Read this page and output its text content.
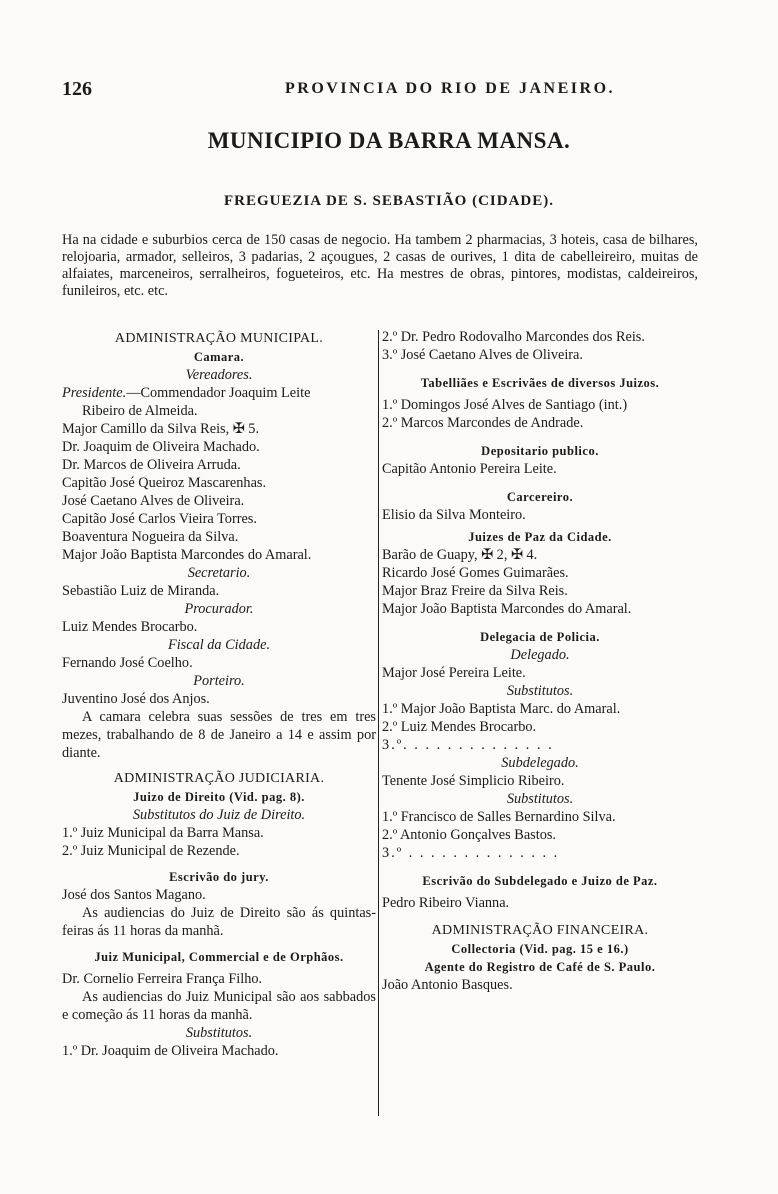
126	PROVINCIA DO RIO DE JANEIRO.
MUNICIPIO DA BARRA MANSA.
FREGUEZIA DE S. SEBASTIÃO (CIDADE).

Ha na cidade e suburbios cerca de 150 casas de negocio. Ha tambem 2 pharmacias, 3 hoteis, casa de bilhares, relojoaria, armador, selleiros, 3 padarias, 2 açougues, 2 casas de ourives, 1 dita de cabelleireiro, muitas de alfaiates, marceneiros, serralheiros, fogueteiros, etc. Ha mestres de obras, pintores, modistas, caldeireiros, funileiros, etc. etc.

ADMINISTRAÇÃO MUNICIPAL.
Camara.
Vereadores.
Presidente.—Commendador Joaquim Leite
Ribeiro de Almeida.
Major Camillo da Silva Reis, ✠ 5.
Dr. Joaquim de Oliveira Machado.
Dr. Marcos de Oliveira Arruda.
Capitão José Queiroz Mascarenhas.
José Caetano Alves de Oliveira.
Capitão José Carlos Vieira Torres.
Boaventura Nogueira da Silva.
Major João Baptista Marcondes do Amaral.
Secretario.
Sebastião Luiz de Miranda.
Procurador.
Luiz Mendes Brocarbo.
Fiscal da Cidade.
Fernando José Coelho.
Porteiro.
Juventino José dos Anjos.
A camara celebra suas sessões de tres em tres mezes, trabalhando de 8 de Janeiro a 14 e assim por diante.
ADMINISTRAÇÃO JUDICIARIA.
Juizo de Direito (Vid. pag. 8).
Substitutos do Juiz de Direito.
1.º Juiz Municipal da Barra Mansa.
2.º Juiz Municipal de Rezende.
Escrivão do jury.
José dos Santos Magano.
As audiencias do Juiz de Direito são ás quintas-feiras ás 11 horas da manhã.
Juiz Municipal, Commercial e de Orphãos.
Dr. Cornelio Ferreira França Filho.
As audiencias do Juiz Municipal são aos sabbados e começão ás 11 horas da manhã.
Substitutos.
1.º Dr. Joaquim de Oliveira Machado.
2.º Dr. Pedro Rodovalho Marcondes dos Reis.
3.º José Caetano Alves de Oliveira.
Tabelliães e Escrivães de diversos Juizos.
1.º Domingos José Alves de Santiago (int.)
2.º Marcos Marcondes de Andrade.
Depositario publico.
Capitão Antonio Pereira Leite.
Carcereiro.
Elisio da Silva Monteiro.
Juizes de Paz da Cidade.
Barão de Guapy, ✠ 2, ✠ 4.
Ricardo José Gomes Guimarães.
Major Braz Freire da Silva Reis.
Major João Baptista Marcondes do Amaral.
Delegacia de Policia.
Delegado.
Major José Pereira Leite.
Substitutos.
1.º Major João Baptista Marc. do Amaral.
2.º Luiz Mendes Brocarbo.
3.º. . . . . . . . . . . . . .
Subdelegado.
Tenente José Simplicio Ribeiro.
Substitutos.
1.º Francisco de Salles Bernardino Silva.
2.º Antonio Gonçalves Bastos.
3.º . . . . . . . . . . . . . .
Escrivão do Subdelegado e Juizo de Paz.
Pedro Ribeiro Vianna.
ADMINISTRAÇÃO FINANCEIRA.
Collectoria (Vid. pag. 15 e 16.)
Agente do Registro de Café de S. Paulo.
João Antonio Basques.
